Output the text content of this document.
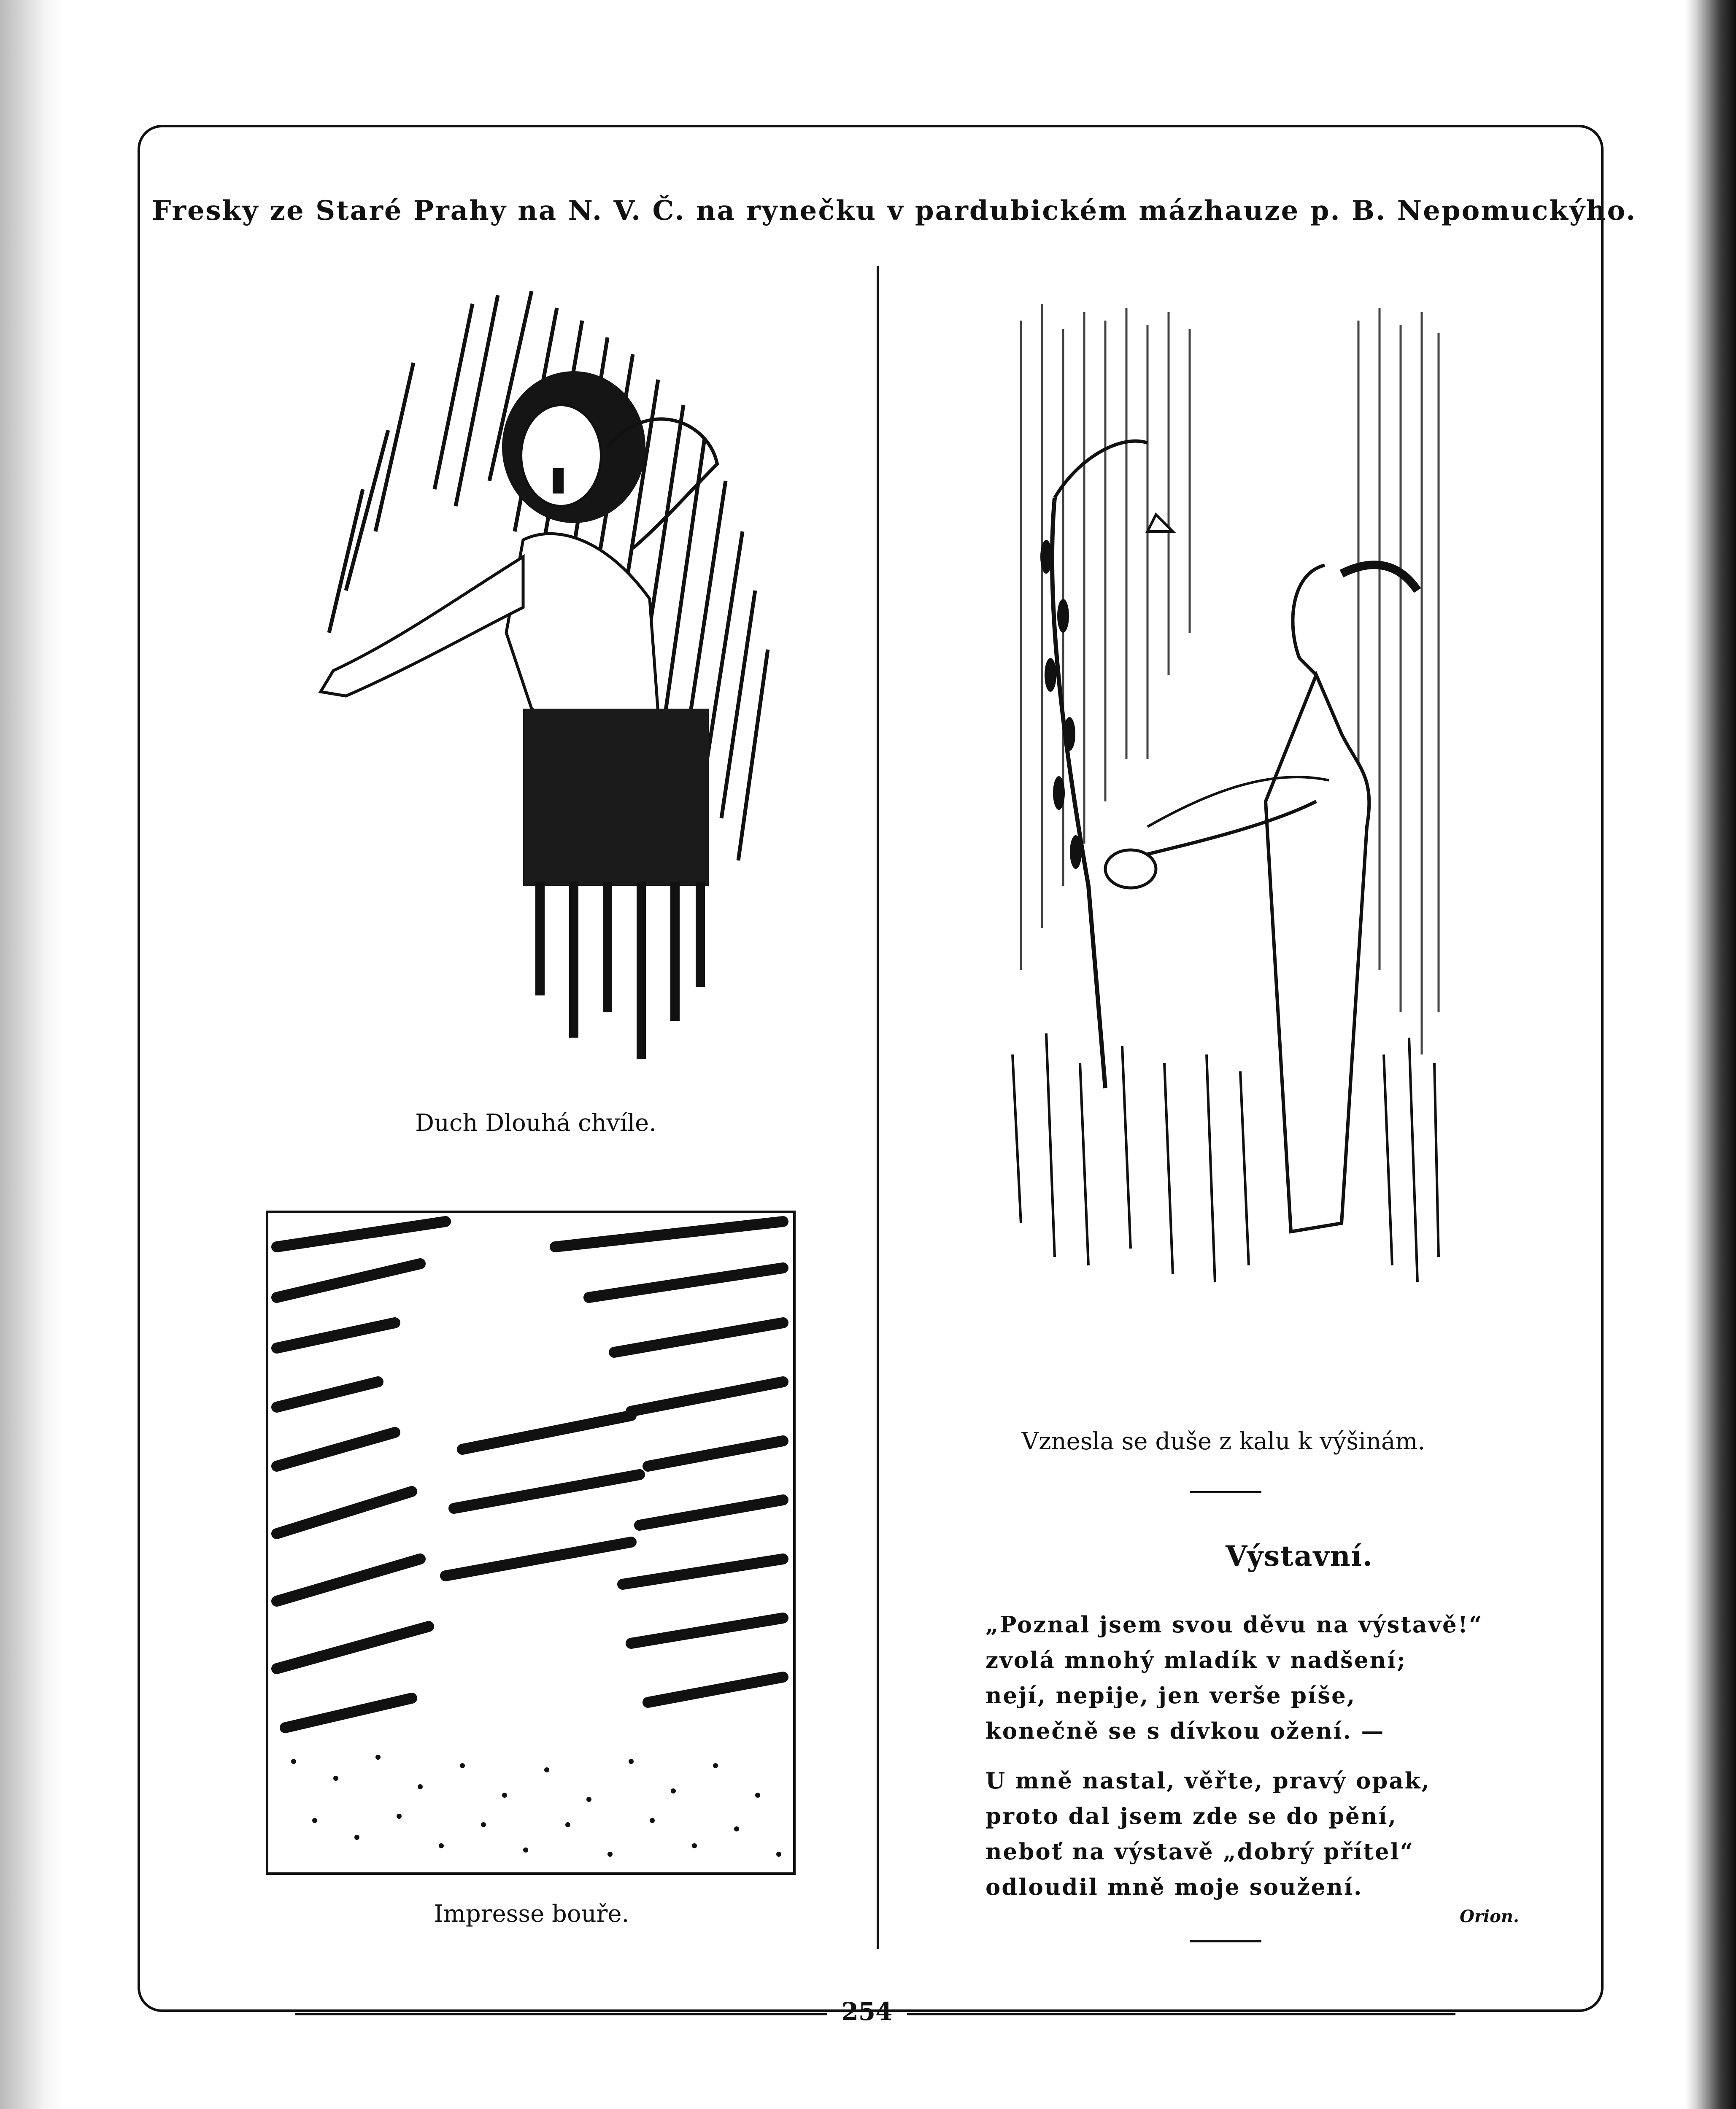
Fresky ze Staré Prahy na N. V. Č. na rynečku v pardubickém mázhauze p. B. Nepomuckýho.
Duch Dlouhá chvíle.
Impresse bouře.
Vznesla se duše z kalu k výšinám.
Výstavní.
„Poznal jsem svou děvu na výstavě!“
zvolá mnohý mladík v nadšení;
nejí, nepije, jen verše píše,
konečně se s dívkou ožení. —
U mně nastal, věřte, pravý opak,
proto dal jsem zde se do pění,
neboť na výstavě „dobrý přítel“
odloudil mně moje soužení.
Orion.
254
